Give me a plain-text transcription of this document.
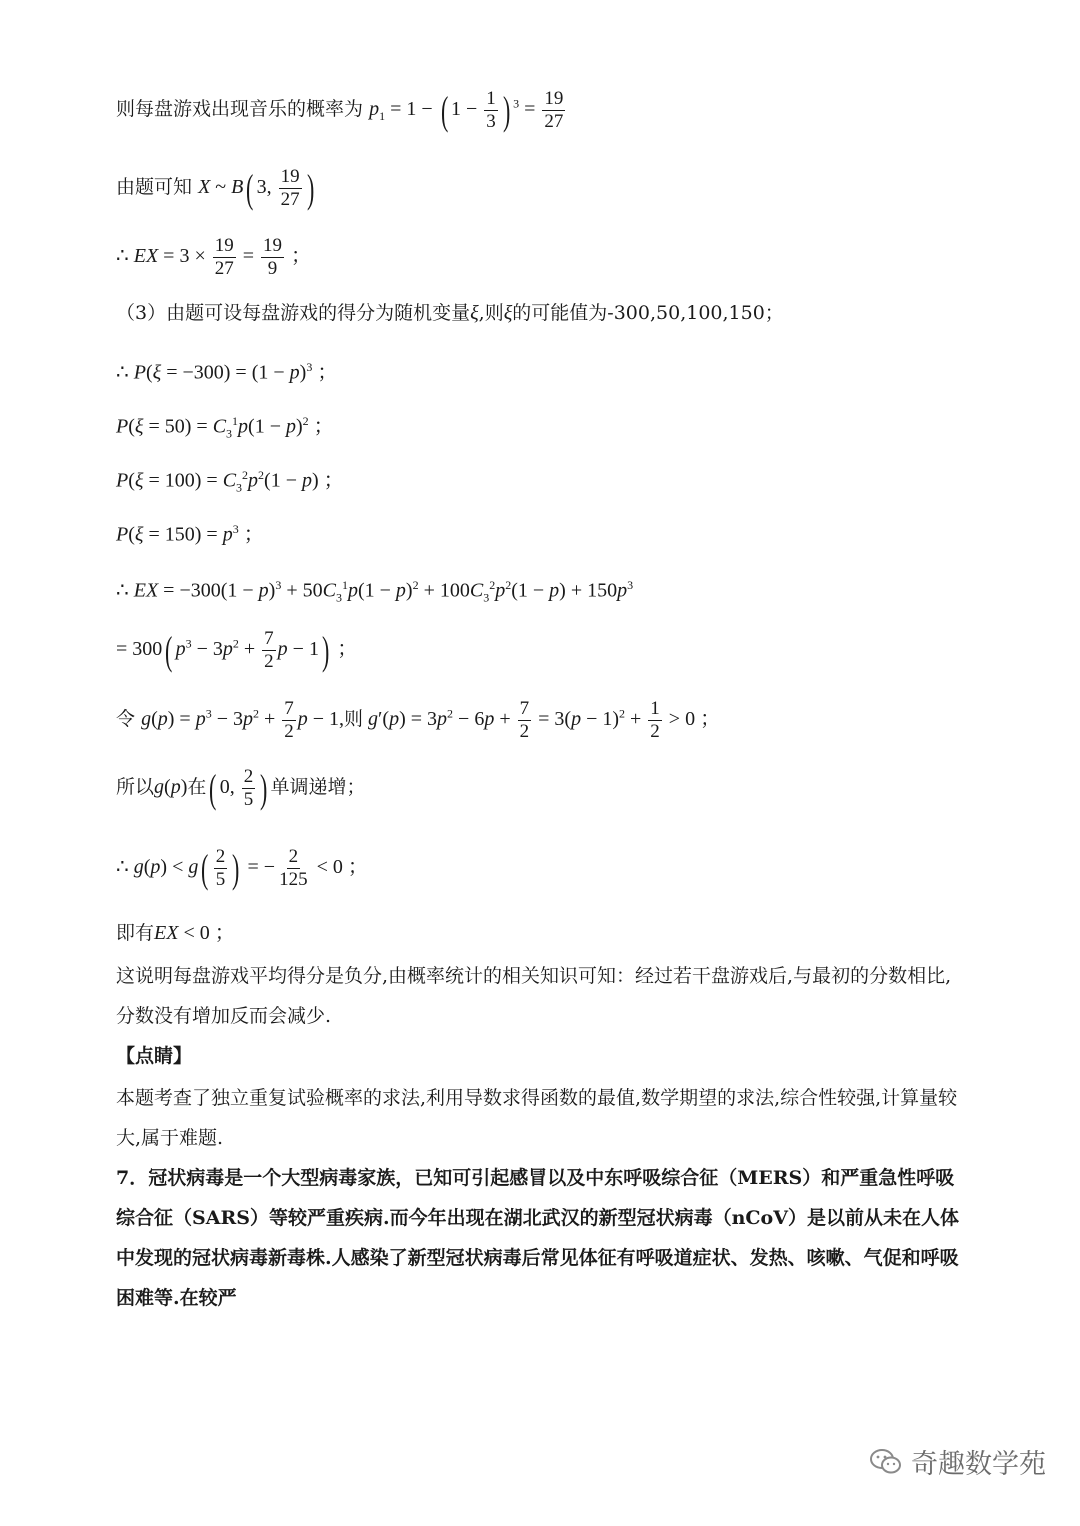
则每盘游戏出现音乐的概率为 $p_1 = 1$ − ( $1 - \frac{1}{3}$ ) $^3 = \frac{19}{27}$
由题可知 X ~ B( 3, $\frac{19}{27}$ )
∴ EX = $3 \times \frac{19}{27} = \frac{19}{9}$ ；
（3）由题可设每盘游戏的得分为随机变量ξ,则ξ的可能值为-300,50,100,150；
∴ $P(\xi = -300) = (1 - p)^3$ ；
$P(\xi = 50) = C_3^1p(1 - p)^2$ ；
$P(\xi = 100) = C_3^2p^2(1 - p)$ ；
$P(\xi = 150) = p^3$ ；
∴ EX = $-300(1 - p)^3 + 50C_3^1p(1 - p)^2 + 100C_3^2p^2(1 - p) + 150p^3$
= 300( $p^3 - 3p^2 + \frac{7}{2}$ p − 1) ；
令 $g(p) = p^3 - 3p^2 + \frac{7}{2}$ p − 1,则 $g'(p) = 3p^2 - 6p + \frac{7}{2} = 3(p - 1)^2 + \frac{1}{2} > 0$ ；
所以g(p)在( 0, $\frac{2}{5}$ ) 单调递增；
∴ $g(p) < g( \frac{2}{5}$ ) = − $\frac{2}{125} < 0$ ；
即有EX < 0 ；
这说明每盘游戏平均得分是负分,由概率统计的相关知识可知：经过若干盘游戏后,与最初的分数相比,分数没有增加反而会减少.
【点睛】
本题考查了独立重复试验概率的求法,利用导数求得函数的最值,数学期望的求法,综合性较强,计算量较大,属于难题.
7．冠状病毒是一个大型病毒家族，已知可引起感冒以及中东呼吸综合征（MERS）和严重急性呼吸综合征（SARS）等较严重疾病.而今年出现在湖北武汉的新型冠状病毒（nCoV）是以前从未在人体中发现的冠状病毒新毒株.人感染了新型冠状病毒后常见体征有呼吸道症状、发热、咳嗽、气促和呼吸困难等.在较严
奇趣数学苑
